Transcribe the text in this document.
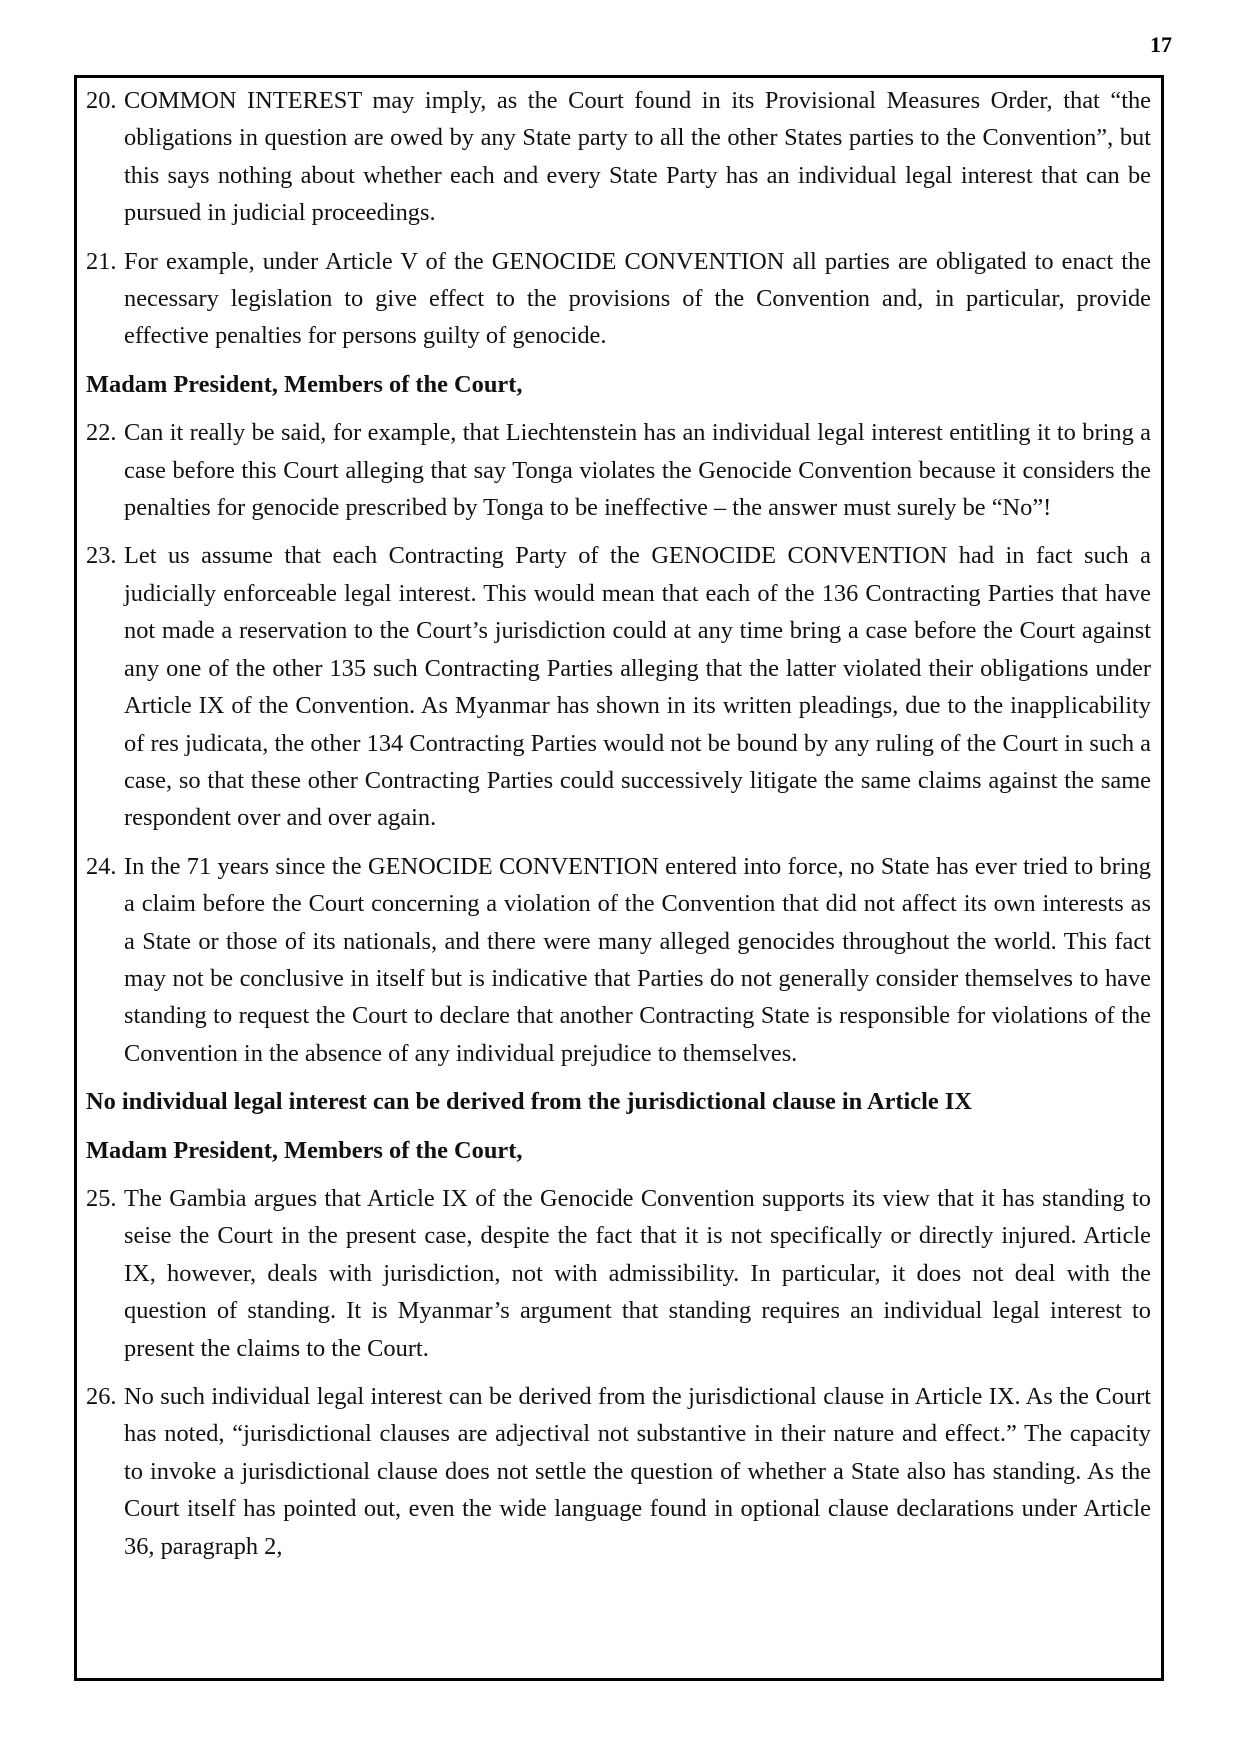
17
20. COMMON INTEREST may imply, as the Court found in its Provisional Measures Order, that “the obligations in question are owed by any State party to all the other States parties to the Convention”, but this says nothing about whether each and every State Party has an individual legal interest that can be pursued in judicial proceedings.
21. For example, under Article V of the GENOCIDE CONVENTION all parties are obligated to enact the necessary legislation to give effect to the provisions of the Convention and, in particular, provide effective penalties for persons guilty of genocide.
Madam President, Members of the Court,
22. Can it really be said, for example, that Liechtenstein has an individual legal interest entitling it to bring a case before this Court alleging that say Tonga violates the Genocide Convention because it considers the penalties for genocide prescribed by Tonga to be ineffective – the answer must surely be “No”!
23. Let us assume that each Contracting Party of the GENOCIDE CONVENTION had in fact such a judicially enforceable legal interest. This would mean that each of the 136 Contracting Parties that have not made a reservation to the Court’s jurisdiction could at any time bring a case before the Court against any one of the other 135 such Contracting Parties alleging that the latter violated their obligations under Article IX of the Convention. As Myanmar has shown in its written pleadings, due to the inapplicability of res judicata, the other 134 Contracting Parties would not be bound by any ruling of the Court in such a case, so that these other Contracting Parties could successively litigate the same claims against the same respondent over and over again.
24. In the 71 years since the GENOCIDE CONVENTION entered into force, no State has ever tried to bring a claim before the Court concerning a violation of the Convention that did not affect its own interests as a State or those of its nationals, and there were many alleged genocides throughout the world. This fact may not be conclusive in itself but is indicative that Parties do not generally consider themselves to have standing to request the Court to declare that another Contracting State is responsible for violations of the Convention in the absence of any individual prejudice to themselves.
No individual legal interest can be derived from the jurisdictional clause in Article IX
Madam President, Members of the Court,
25. The Gambia argues that Article IX of the Genocide Convention supports its view that it has standing to seise the Court in the present case, despite the fact that it is not specifically or directly injured. Article IX, however, deals with jurisdiction, not with admissibility. In particular, it does not deal with the question of standing. It is Myanmar’s argument that standing requires an individual legal interest to present the claims to the Court.
26. No such individual legal interest can be derived from the jurisdictional clause in Article IX. As the Court has noted, “jurisdictional clauses are adjectival not substantive in their nature and effect.” The capacity to invoke a jurisdictional clause does not settle the question of whether a State also has standing. As the Court itself has pointed out, even the wide language found in optional clause declarations under Article 36, paragraph 2,
